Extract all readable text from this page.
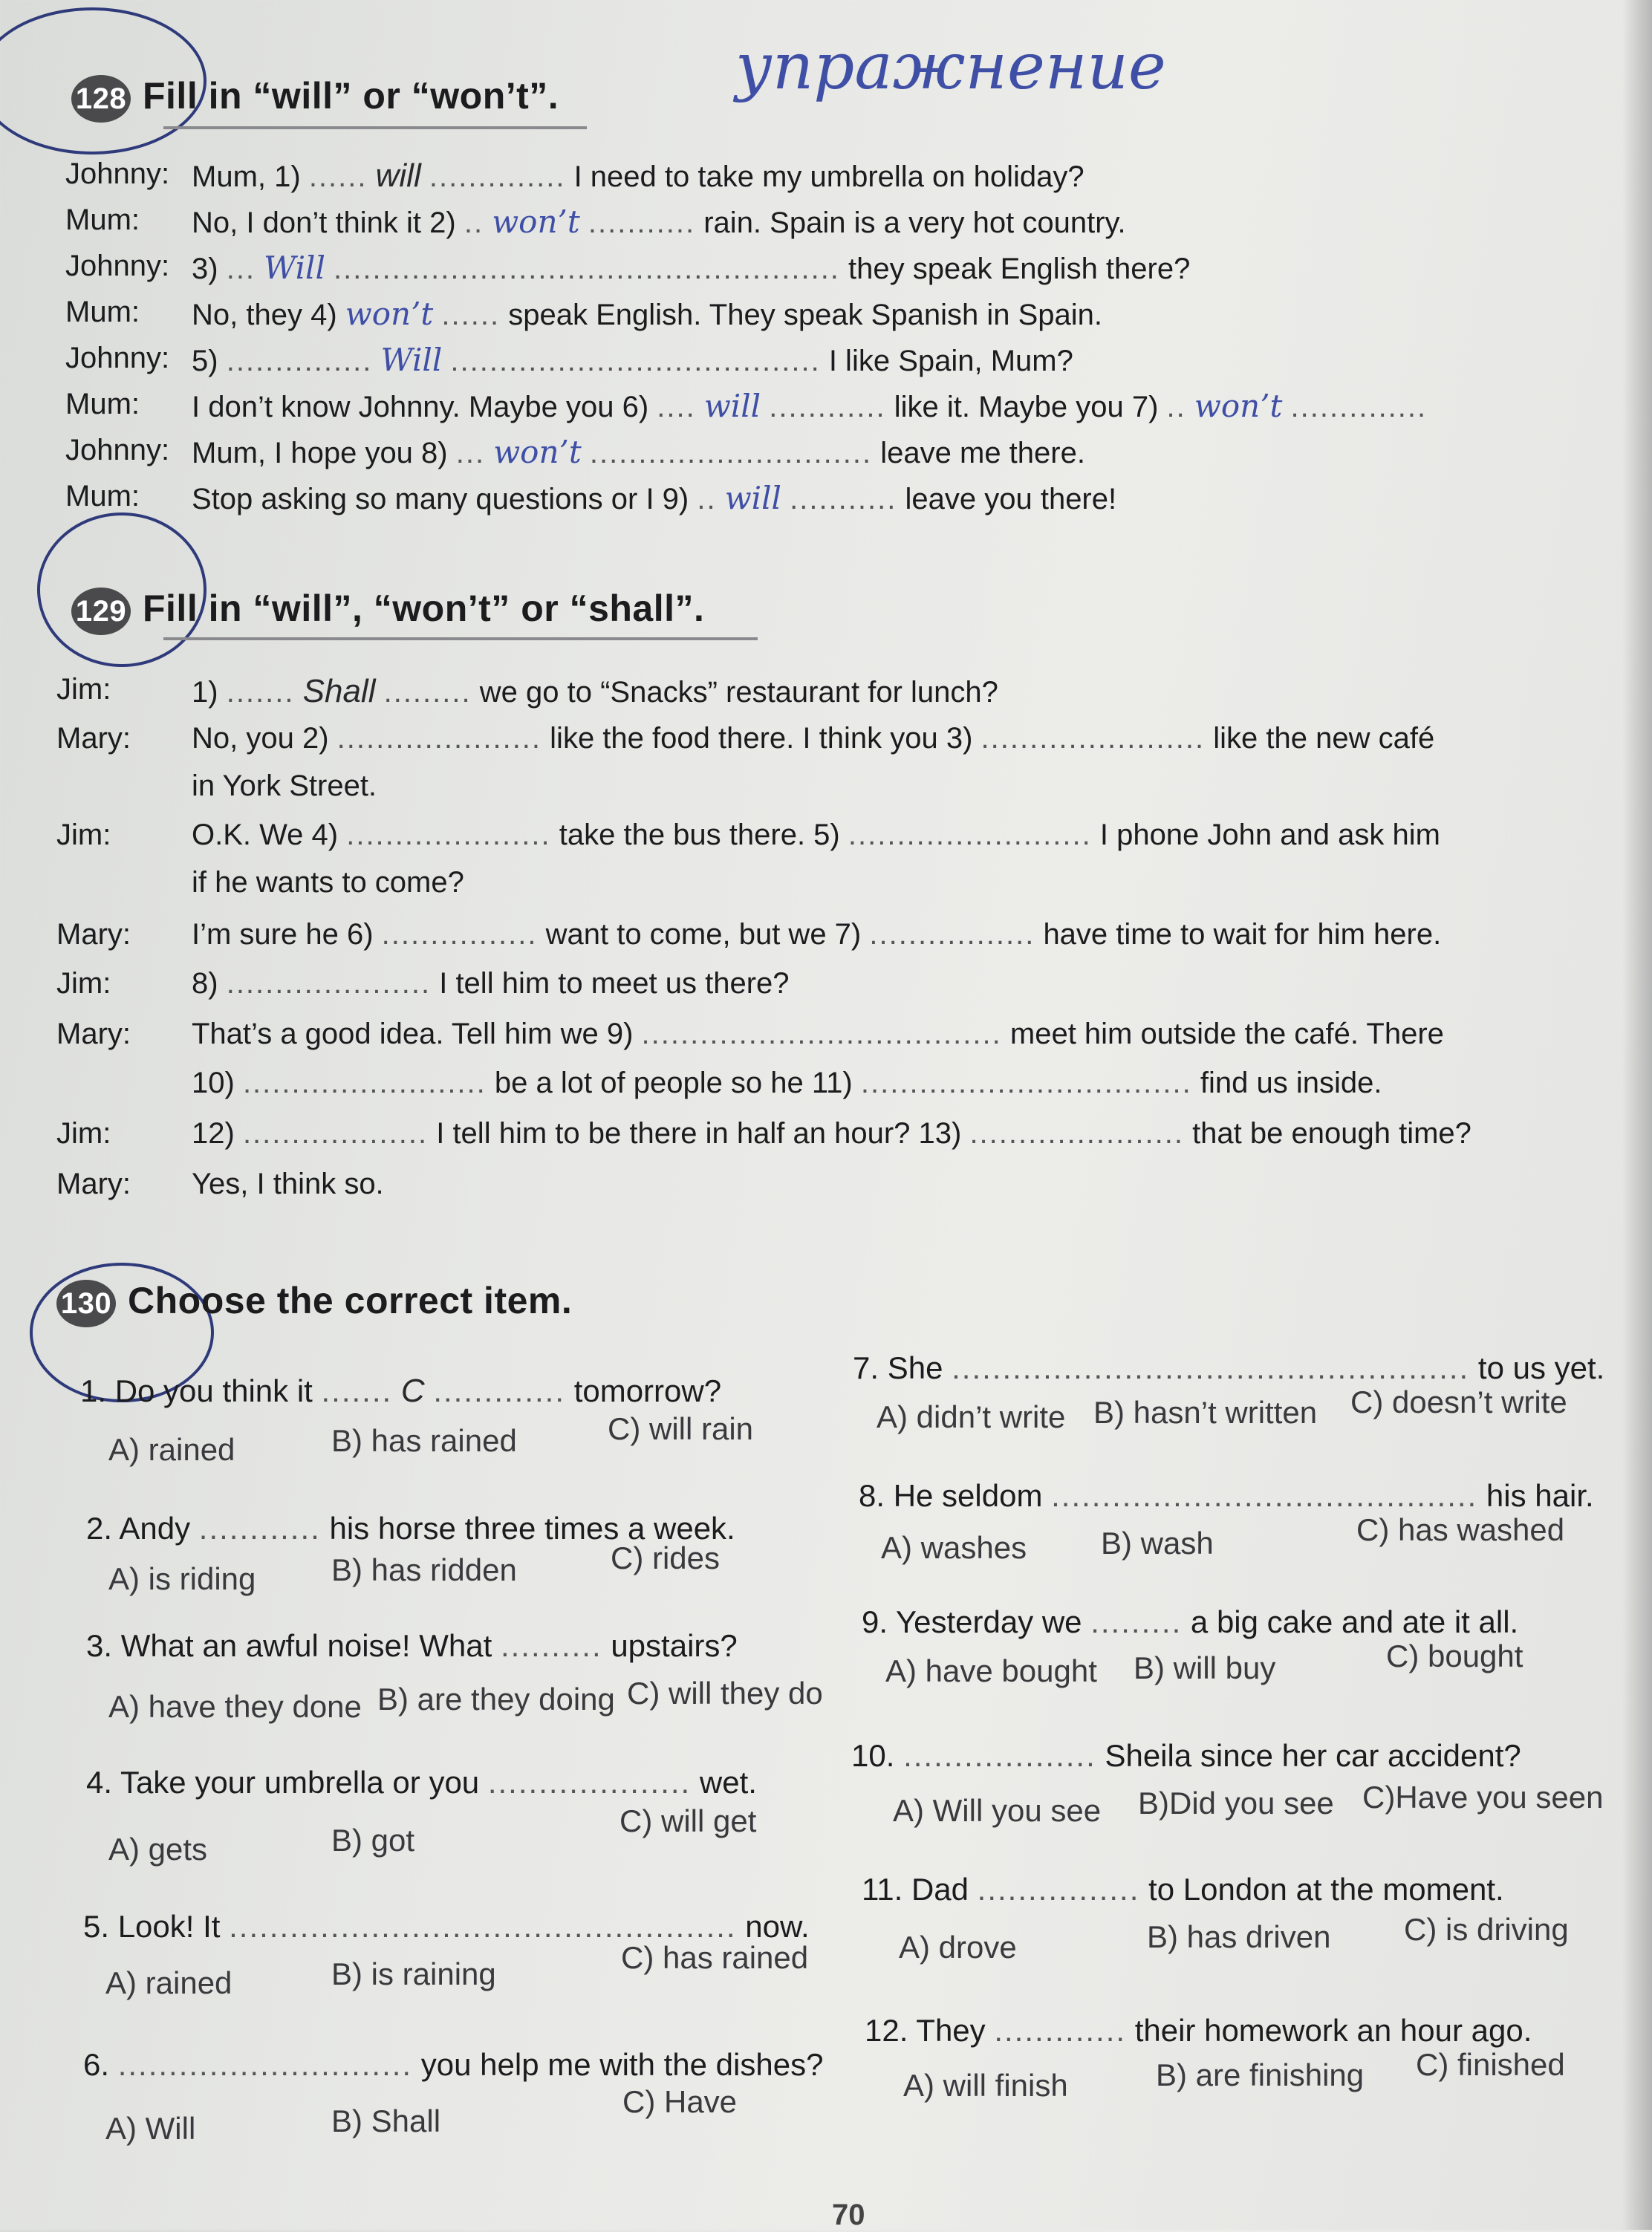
упражнение
128 Fill in “will” or “won’t”.
Johnny: Mum, 1) ...... will .............. I need to take my umbrella on holiday?
Mum: No, I don’t think it 2) .. won’t ........... rain. Spain is a very hot country.
Johnny: 3) ... Will .................................................... they speak English there?
Mum: No, they 4) won’t ...... speak English. They speak Spanish in Spain.
Johnny: 5) ............... Will ...................................... I like Spain, Mum?
Mum: I don’t know Johnny. Maybe you 6) .... will ............ like it. Maybe you 7) .. won’t ..............
Johnny: Mum, I hope you 8) ... won’t ............................. leave me there.
Mum: Stop asking so many questions or I 9) .. will ........... leave you there!
129 Fill in “will”, “won’t” or “shall”.
Jim:	1) ....... Shall ......... we go to “Snacks” restaurant for lunch?
Mary: No, you 2) ..................... like the food there. I think you 3) ....................... like the new café
in York Street.
Jim:	O.K. We 4) ..................... take the bus there. 5) ......................... I phone John and ask him
if he wants to come?
Mary: I’m sure he 6) ................ want to come, but we 7) ................. have time to wait for him here.
Jim:	8) ..................... I tell him to meet us there?
Mary: That’s a good idea. Tell him we 9) ..................................... meet him outside the café. There
10) ......................... be a lot of people so he 11) .................................. find us inside.
Jim:	12) ................... I tell him to be there in half an hour? 13) ...................... that be enough time?
Mary: Yes, I think so.
130 Choose the correct item.
1. Do you think it ....... C ............. tomorrow?
A) rained	B) has rained	C) will rain
2. Andy ............ his horse three times a week.
A) is riding B) has ridden	C) rides
3. What an awful noise! What .......... upstairs?
A) have they done B) are they doing C) will they do
4. Take your umbrella or you .................... wet.
A) gets	B) got
C) will get
5. Look! It .................................................. now.
A) rained	B) is raining	C) has rained
6. ............................. you help me with the dishes?
A) Will	B) Shall
C) Have
7. She ................................................... to us yet.
A) didn’t write B) hasn’t written C) doesn’t write
8. He seldom .......................................... his hair.
A) washes B) wash	C) has washed
9. Yesterday we ......... a big cake and ate it all.
A) have bought B) will buy	C) bought
10. ................... Sheila since her car accident?
A) Will you see B)Did you see C)Have you seen
11. Dad ................ to London at the moment.
A) drove	B) has driven C) is driving
12. They ............. their homework an hour ago.
A) will finish	B) are finishing C) finished
70
